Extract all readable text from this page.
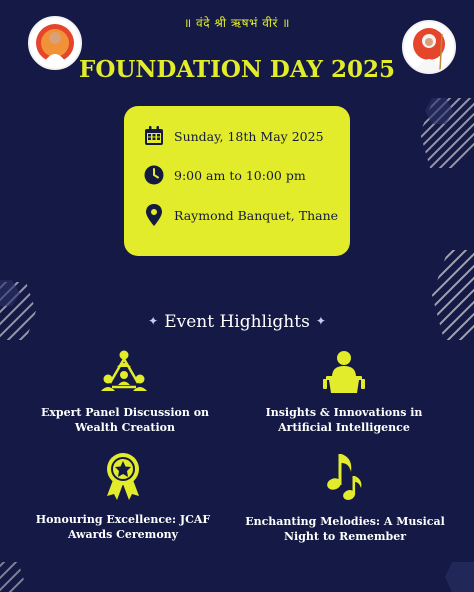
॥ वंदे श्री ऋषभं वीरं ॥
FOUNDATION DAY 2025
Sunday, 18th May 2025
9:00 am to 10:00 pm
Raymond Banquet, Thane
✦ Event Highlights ✦
Expert Panel Discussion on Wealth Creation
Insights & Innovations in Artificial Intelligence
Honouring Excellence: JCAF Awards Ceremony
Enchanting Melodies: A Musical Night to Remember
